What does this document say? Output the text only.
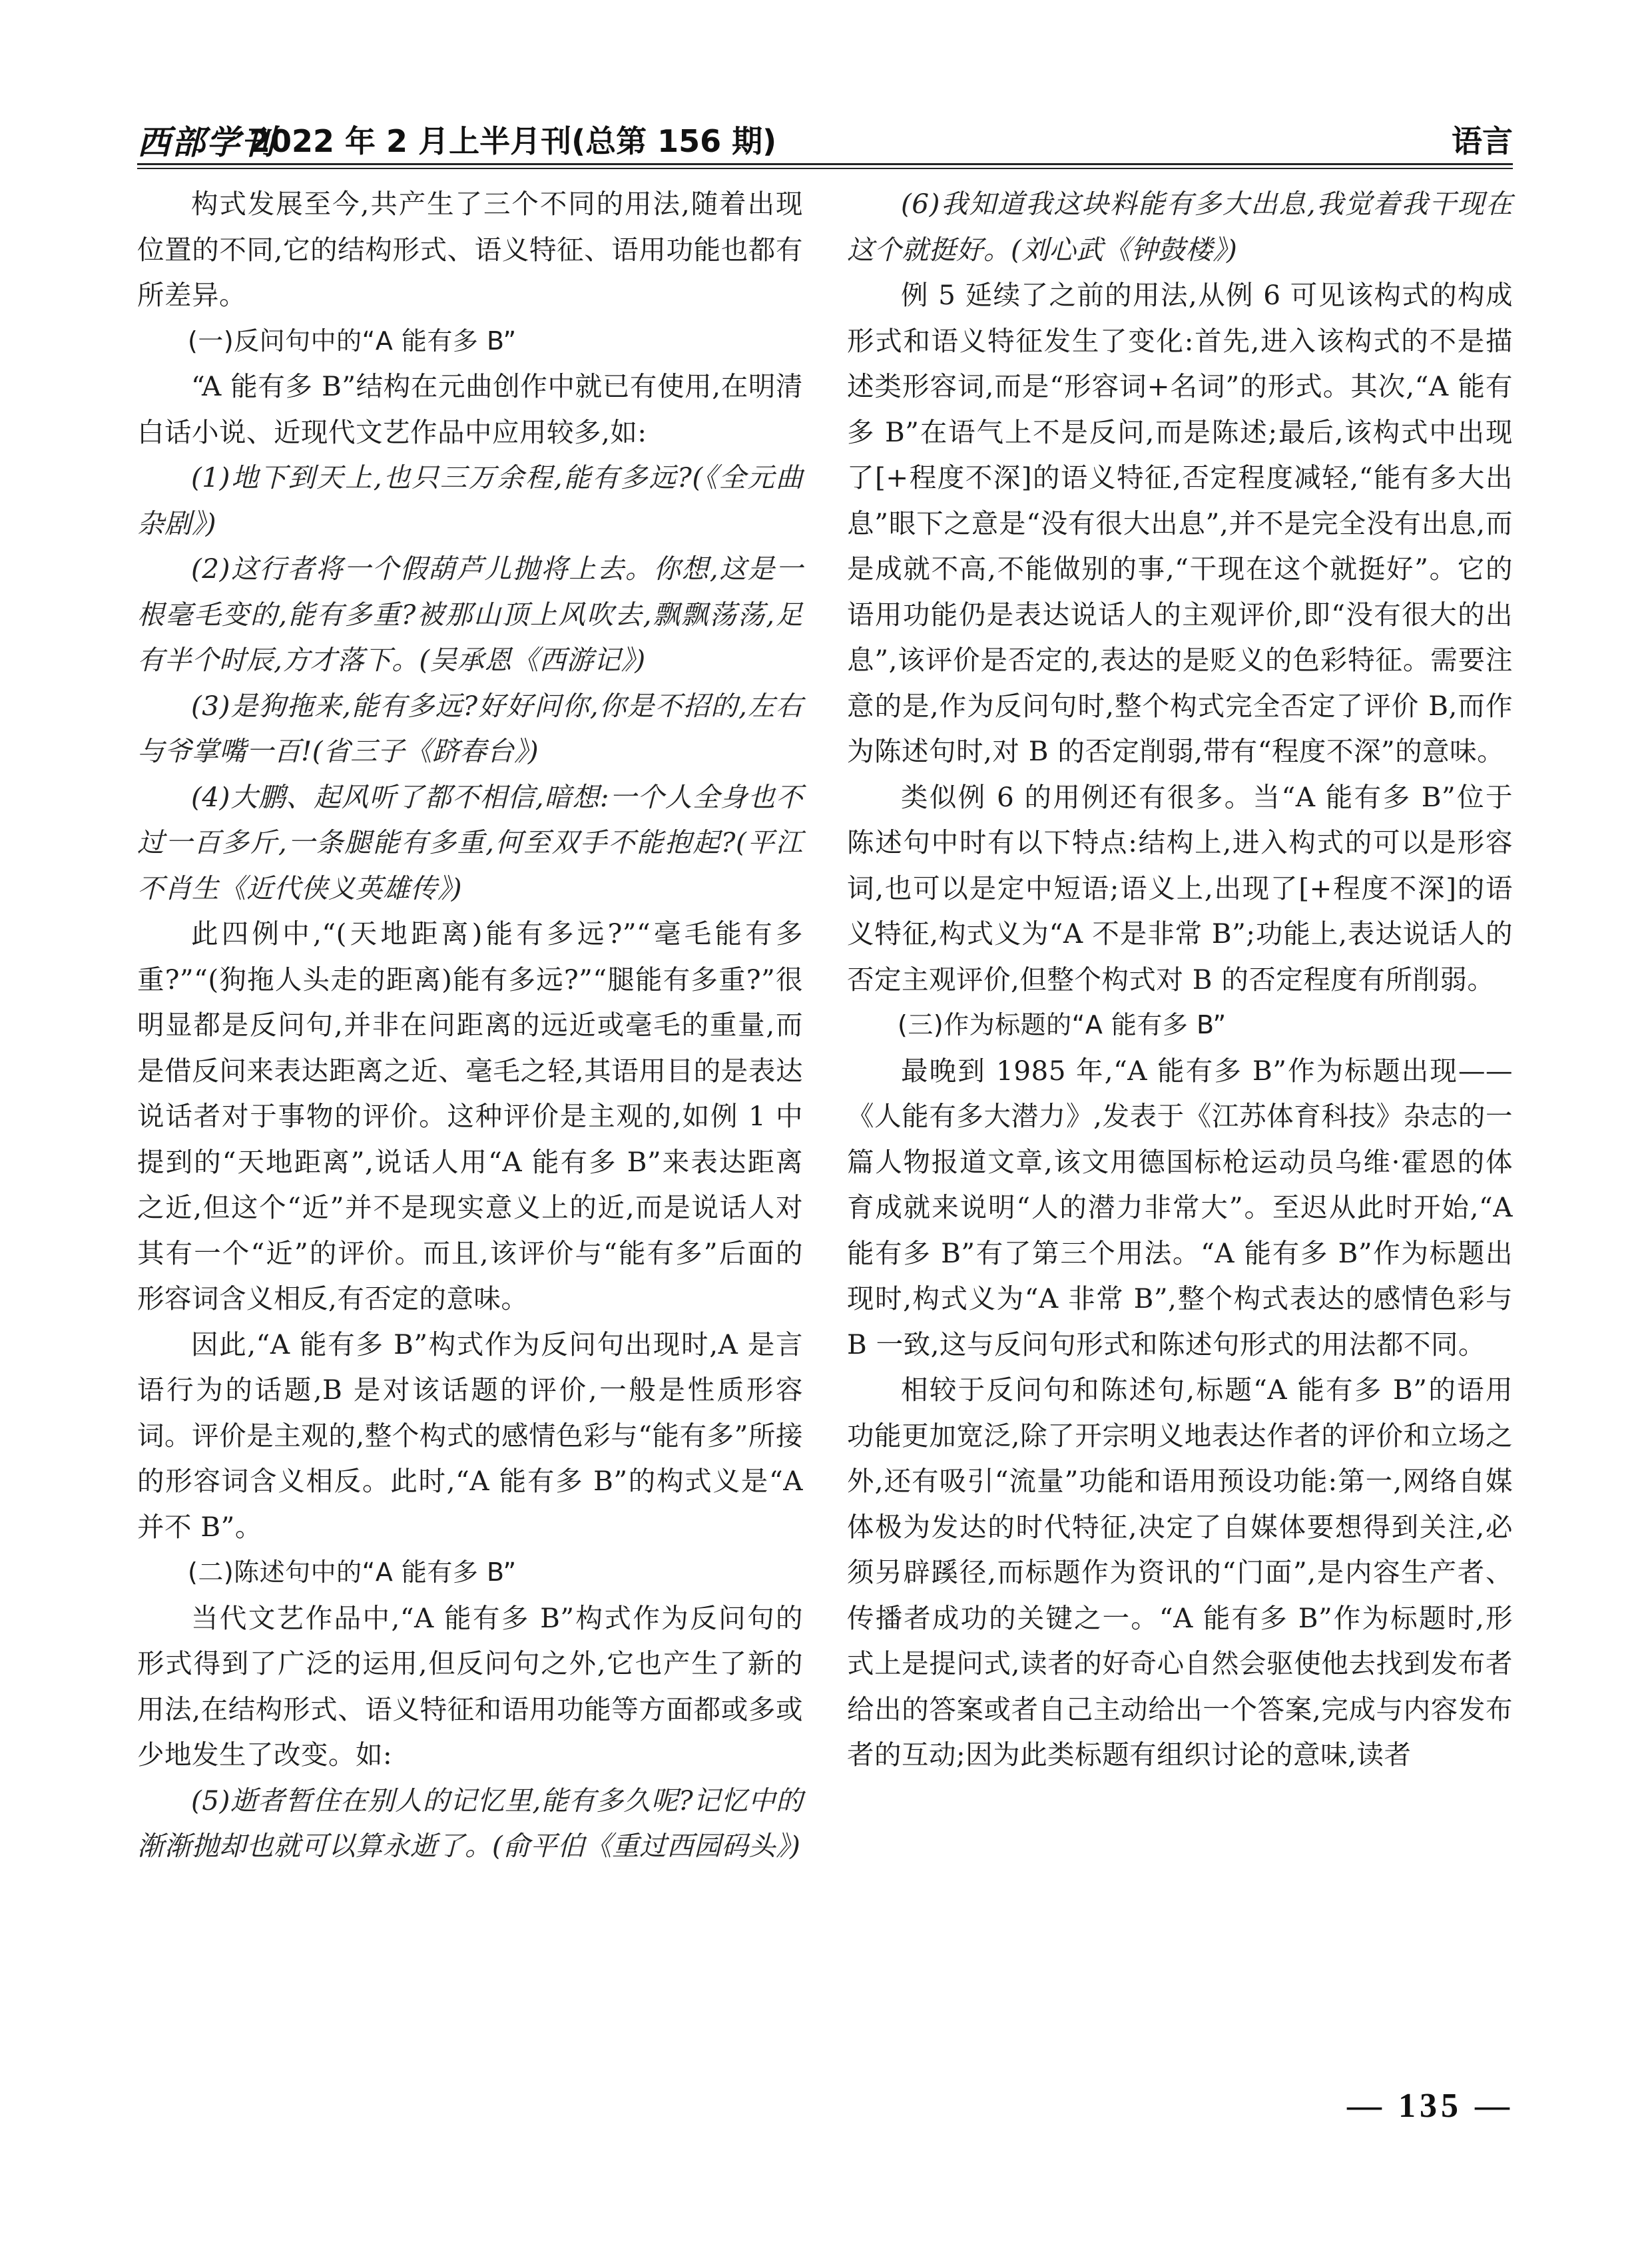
西部学刊
2022 年 2 月上半月刊(总第 156 期)	语言

构式发展至今,共产生了三个不同的用法,随着出现位置的不同,它的结构形式、语义特征、语用功能也都有所差异。

(一)反问句中的“A 能有多 B”

“A 能有多 B”结构在元曲创作中就已有使用,在明清白话小说、近现代文艺作品中应用较多,如:

(1)地下到天上,也只三万余程,能有多远?(《全元曲杂剧》)

(2)这行者将一个假葫芦儿抛将上去。你想,这是一根毫毛变的,能有多重?被那山顶上风吹去,飘飘荡荡,足有半个时辰,方才落下。(吴承恩《西游记》)

(3)是狗拖来,能有多远?好好问你,你是不招的,左右与爷掌嘴一百!(省三子《跻春台》)

(4)大鹏、起风听了都不相信,暗想:一个人全身也不过一百多斤,一条腿能有多重,何至双手不能抱起?(平江不肖生《近代侠义英雄传》)

此四例中,“(天地距离)能有多远?”“毫毛能有多重?”“(狗拖人头走的距离)能有多远?”“腿能有多重?”很明显都是反问句,并非在问距离的远近或毫毛的重量,而是借反问来表达距离之近、毫毛之轻,其语用目的是表达说话者对于事物的评价。这种评价是主观的,如例 1 中提到的“天地距离”,说话人用“A 能有多 B”来表达距离之近,但这个“近”并不是现实意义上的近,而是说话人对其有一个“近”的评价。而且,该评价与“能有多”后面的形容词含义相反,有否定的意味。

因此,“A 能有多 B”构式作为反问句出现时,A 是言语行为的话题,B 是对该话题的评价,一般是性质形容词。评价是主观的,整个构式的感情色彩与“能有多”所接的形容词含义相反。此时,“A 能有多 B”的构式义是“A 并不 B”。

(二)陈述句中的“A 能有多 B”

当代文艺作品中,“A 能有多 B”构式作为反问句的形式得到了广泛的运用,但反问句之外,它也产生了新的用法,在结构形式、语义特征和语用功能等方面都或多或少地发生了改变。如:

(5)逝者暂住在别人的记忆里,能有多久呢?记忆中的渐渐抛却也就可以算永逝了。(俞平伯《重过西园码头》)

(6)我知道我这块料能有多大出息,我觉着我干现在这个就挺好。(刘心武《钟鼓楼》)

例 5 延续了之前的用法,从例 6 可见该构式的构成形式和语义特征发生了变化:首先,进入该构式的不是描述类形容词,而是“形容词+名词”的形式。其次,“A 能有多 B”在语气上不是反问,而是陈述;最后,该构式中出现了[+程度不深]的语义特征,否定程度减轻,“能有多大出息”眼下之意是“没有很大出息”,并不是完全没有出息,而是成就不高,不能做别的事,“干现在这个就挺好”。它的语用功能仍是表达说话人的主观评价,即“没有很大的出息”,该评价是否定的,表达的是贬义的色彩特征。需要注意的是,作为反问句时,整个构式完全否定了评价 B,而作为陈述句时,对 B 的否定削弱,带有“程度不深”的意味。

类似例 6 的用例还有很多。当“A 能有多 B”位于陈述句中时有以下特点:结构上,进入构式的可以是形容词,也可以是定中短语;语义上,出现了[+程度不深]的语义特征,构式义为“A 不是非常 B”;功能上,表达说话人的否定主观评价,但整个构式对 B 的否定程度有所削弱。

(三)作为标题的“A 能有多 B”

最晚到 1985 年,“A 能有多 B”作为标题出现——《人能有多大潜力》,发表于《江苏体育科技》杂志的一篇人物报道文章,该文用德国标枪运动员乌维·霍恩的体育成就来说明“人的潜力非常大”。至迟从此时开始,“A 能有多 B”有了第三个用法。“A 能有多 B”作为标题出现时,构式义为“A 非常 B”,整个构式表达的感情色彩与 B 一致,这与反问句形式和陈述句形式的用法都不同。

相较于反问句和陈述句,标题“A 能有多 B”的语用功能更加宽泛,除了开宗明义地表达作者的评价和立场之外,还有吸引“流量”功能和语用预设功能:第一,网络自媒体极为发达的时代特征,决定了自媒体要想得到关注,必须另辟蹊径,而标题作为资讯的“门面”,是内容生产者、传播者成功的关键之一。“A 能有多 B”作为标题时,形式上是提问式,读者的好奇心自然会驱使他去找到发布者给出的答案或者自己主动给出一个答案,完成与内容发布者的互动;因为此类标题有组织讨论的意味,读者

— 135 —
